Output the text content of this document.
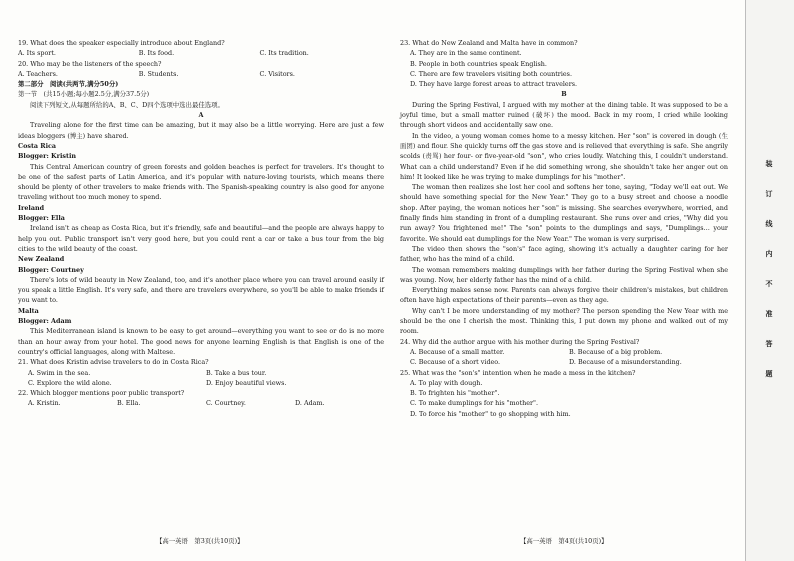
19. What does the speaker especially introduce about England?

A. Its sport.	B. Its food.	C. Its tradition.

20. Who may be the listeners of the speech?

A. Teachers.	B. Students.	C. Visitors.

第二部分　阅读(共两节,满分50分)

第一节　(共15小题;每小题2.5分,满分37.5分)

阅读下列短文,从每题所给的A、B、C、D四个选项中选出最佳选项。

A

Traveling alone for the first time can be amazing, but it may also be a little worrying. Here are just a few ideas bloggers (博主) have shared.

Costa Rica

Blogger: Kristin

This Central American country of green forests and golden beaches is perfect for travelers. It's thought to be one of the safest parts of Latin America, and it's popular with nature-loving tourists, which means there should be plenty of other travelers to make friends with. The Spanish-speaking country is also good for anyone traveling without too much money to spend.

Ireland

Blogger: Ella

Ireland isn't as cheap as Costa Rica, but it's friendly, safe and beautiful—and the people are always happy to help you out. Public transport isn't very good here, but you could rent a car or take a bus tour from the big cities to the wild beauty of the coast.

New Zealand

Blogger: Courtney

There's lots of wild beauty in New Zealand, too, and it's another place where you can travel around easily if you speak a little English. It's very safe, and there are travelers everywhere, so you'll be able to make friends if you want to.

Malta

Blogger: Adam

This Mediterranean island is known to be easy to get around—everything you want to see or do is no more than an hour away from your hotel. The good news for anyone learning English is that English is one of the country's official languages, along with Maltese.

21. What does Kristin advise travelers to do in Costa Rica?

A. Swim in the sea.	B. Take a bus tour.
C. Explore the wild alone.	D. Enjoy beautiful views.

22. Which blogger mentions poor public transport?

A. Kristin.	B. Ella.	C. Courtney.	D. Adam.

23. What do New Zealand and Malta have in common?

A. They are in the same continent.

B. People in both countries speak English.

C. There are few travelers visiting both countries.

D. They have large forest areas to attract travelers.

B

During the Spring Festival, I argued with my mother at the dining table. It was supposed to be a joyful time, but a small matter ruined (破坏) the mood. Back in my room, I cried while looking through short videos and accidentally saw one.

In the video, a young woman comes home to a messy kitchen. Her "son" is covered in dough (生面团) and flour. She quickly turns off the gas stove and is relieved that everything is safe. She angrily scolds (责骂) her four- or five-year-old "son", who cries loudly. Watching this, I couldn't understand. What can a child understand? Even if he did something wrong, she shouldn't take her anger out on him! It looked like he was trying to make dumplings for his "mother".

The woman then realizes she lost her cool and softens her tone, saying, "Today we'll eat out. We should have something special for the New Year." They go to a busy street and choose a noodle shop. After paying, the woman notices her "son" is missing. She searches everywhere, worried, and finally finds him standing in front of a dumpling restaurant. She runs over and cries, "Why did you run away? You frightened me!" The "son" points to the dumplings and says, "Dumplings… your favorite. We should eat dumplings for the New Year." The woman is very surprised.

The video then shows the "son's" face aging, showing it's actually a daughter caring for her father, who has the mind of a child.

The woman remembers making dumplings with her father during the Spring Festival when she was young. Now, her elderly father has the mind of a child.

Everything makes sense now. Parents can always forgive their children's mistakes, but children often have high expectations of their parents—even as they age.

Why can't I be more understanding of my mother? The person spending the New Year with me should be the one I cherish the most. Thinking this, I put down my phone and walked out of my room.

24. Why did the author argue with his mother during the Spring Festival?

A. Because of a small matter.	B. Because of a big problem.
C. Because of a short video.	D. Because of a misunderstanding.

25. What was the "son's" intention when he made a mess in the kitchen?

A. To play with dough.

B. To frighten his "mother".

C. To make dumplings for his "mother".

D. To force his "mother" to go shopping with him.

【高一英语　第3页(共10页)】	【高一英语　第4页(共10页)】
装
订
线
内
不
准
答
题
